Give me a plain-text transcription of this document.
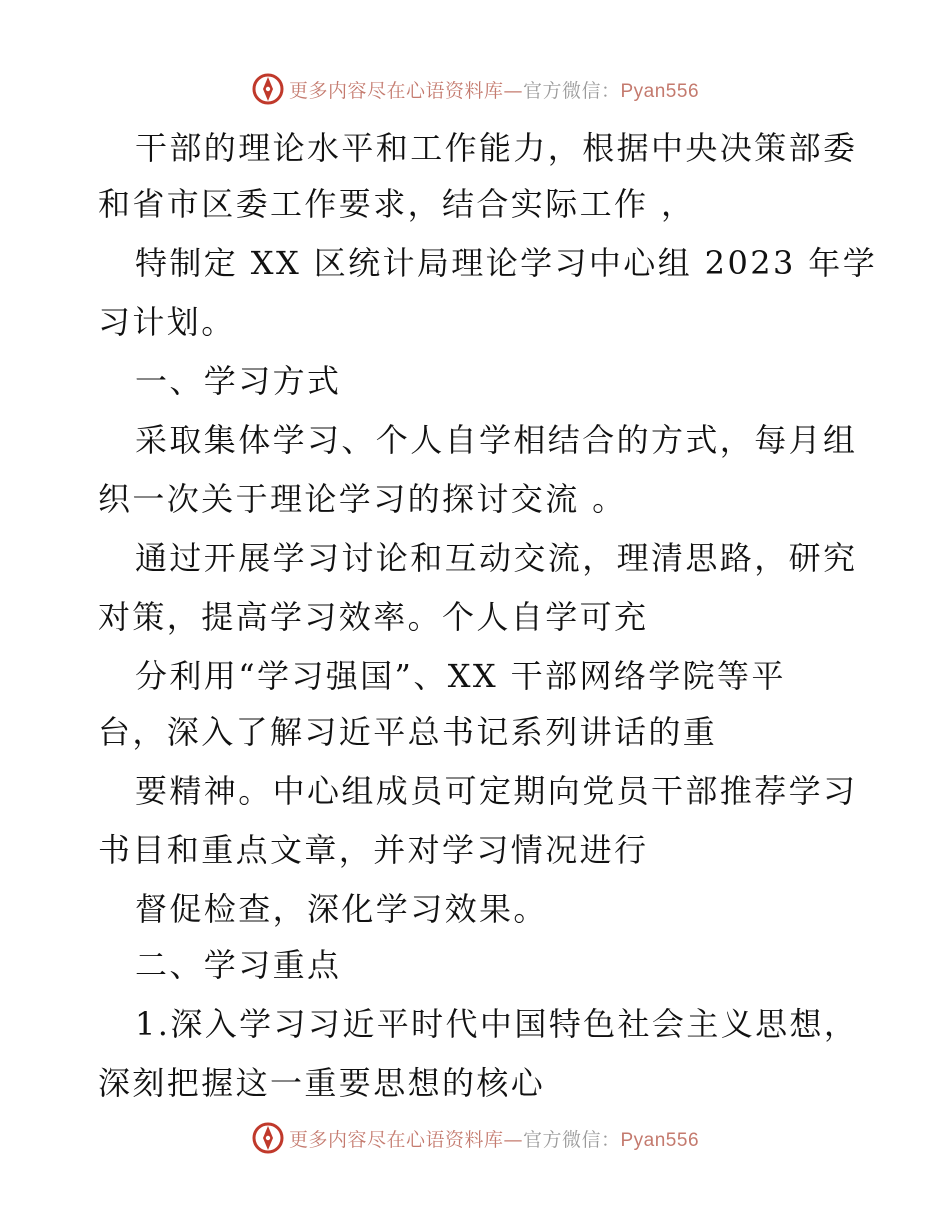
更多内容尽在心语资料库—官方微信：Pyan556

干部的理论水平和工作能力，根据中央决策部委

和省市区委工作要求，结合实际工作 ，

特制定 XX 区统计局理论学习中心组 2023 年学

习计划。

一、学习方式

采取集体学习、个人自学相结合的方式，每月组

织一次关于理论学习的探讨交流 。

通过开展学习讨论和互动交流，理清思路，研究

对策，提高学习效率。个人自学可充

分利用“学习强国”、XX 干部网络学院等平

台，深入了解习近平总书记系列讲话的重

要精神。中心组成员可定期向党员干部推荐学习

书目和重点文章，并对学习情况进行

督促检查，深化学习效果。

二、学习重点

1.深入学习习近平时代中国特色社会主义思想，

深刻把握这一重要思想的核心

更多内容尽在心语资料库—官方微信：Pyan556
